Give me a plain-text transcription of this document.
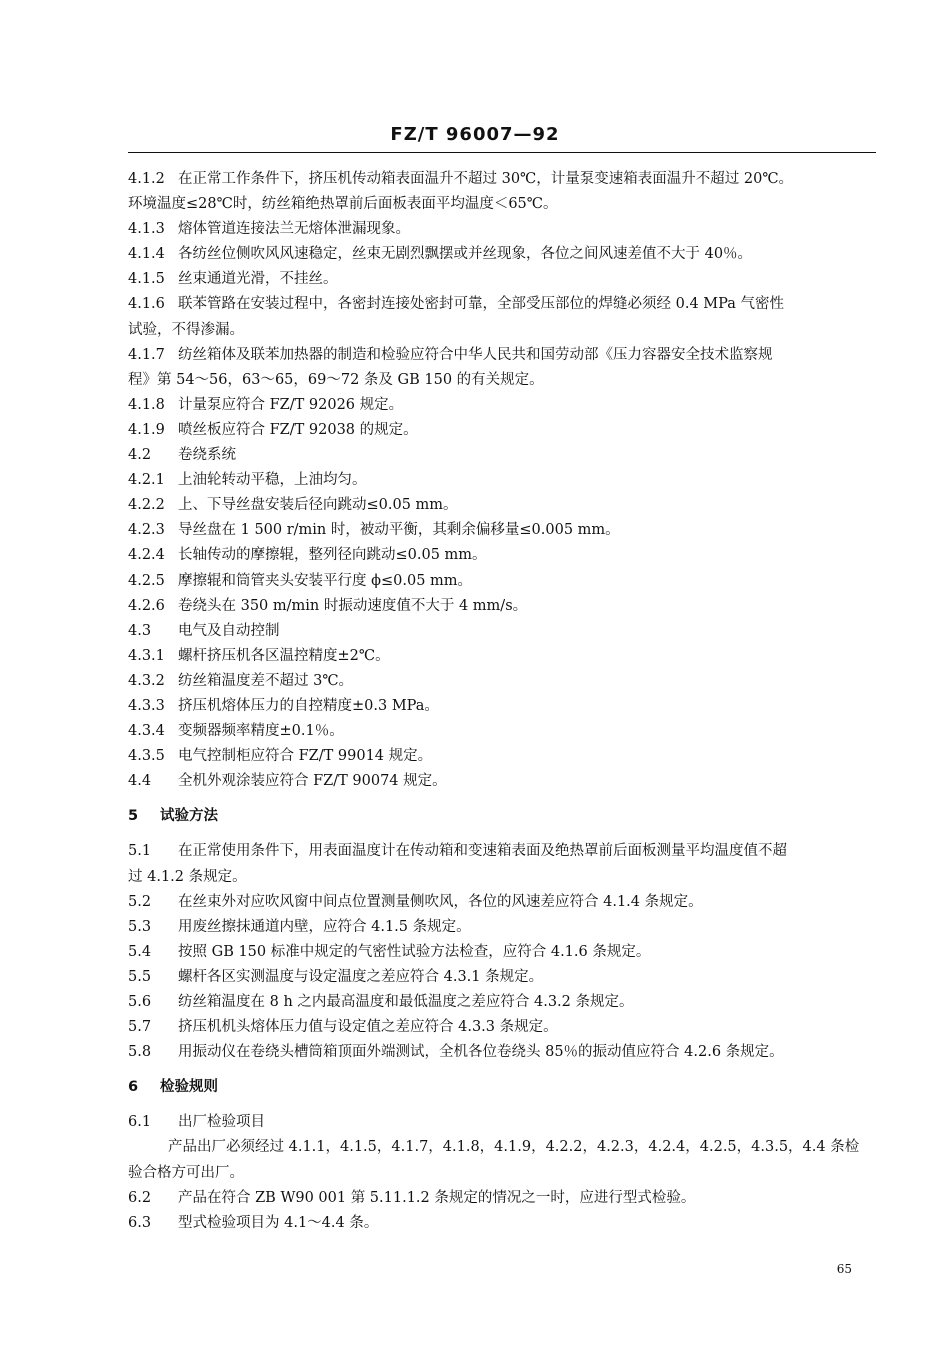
FZ/T 96007—92
4.1.2 在正常工作条件下，挤压机传动箱表面温升不超过 30℃，计量泵变速箱表面温升不超过 20℃。
环境温度≤28℃时，纺丝箱绝热罩前后面板表面平均温度＜65℃。
4.1.3 熔体管道连接法兰无熔体泄漏现象。
4.1.4 各纺丝位侧吹风风速稳定，丝束无剧烈飘摆或并丝现象，各位之间风速差值不大于 40％。
4.1.5 丝束通道光滑，不挂丝。
4.1.6 联苯管路在安装过程中，各密封连接处密封可靠，全部受压部位的焊缝必须经 0.4 MPa 气密性
试验，不得渗漏。
4.1.7 纺丝箱体及联苯加热器的制造和检验应符合中华人民共和国劳动部《压力容器安全技术监察规
程》第 54～56，63～65，69～72 条及 GB 150 的有关规定。
4.1.8 计量泵应符合 FZ/T 92026 规定。
4.1.9 喷丝板应符合 FZ/T 92038 的规定。
4.2 卷绕系统
4.2.1 上油轮转动平稳，上油均匀。
4.2.2 上、下导丝盘安装后径向跳动≤0.05 mm。
4.2.3 导丝盘在 1 500 r/min 时，被动平衡，其剩余偏移量≤0.005 mm。
4.2.4 长轴传动的摩擦辊，整列径向跳动≤0.05 mm。
4.2.5 摩擦辊和筒管夹头安装平行度 ϕ≤0.05 mm。
4.2.6 卷绕头在 350 m/min 时振动速度值不大于 4 mm/s。
4.3 电气及自动控制
4.3.1 螺杆挤压机各区温控精度±2℃。
4.3.2 纺丝箱温度差不超过 3℃。
4.3.3 挤压机熔体压力的自控精度±0.3 MPa。
4.3.4 变频器频率精度±0.1％。
4.3.5 电气控制柜应符合 FZ/T 99014 规定。
4.4 全机外观涂装应符合 FZ/T 90074 规定。
5 试验方法
5.1 在正常使用条件下，用表面温度计在传动箱和变速箱表面及绝热罩前后面板测量平均温度值不超
过 4.1.2 条规定。
5.2 在丝束外对应吹风窗中间点位置测量侧吹风，各位的风速差应符合 4.1.4 条规定。
5.3 用废丝擦抹通道内壁，应符合 4.1.5 条规定。
5.4 按照 GB 150 标准中规定的气密性试验方法检查，应符合 4.1.6 条规定。
5.5 螺杆各区实测温度与设定温度之差应符合 4.3.1 条规定。
5.6 纺丝箱温度在 8 h 之内最高温度和最低温度之差应符合 4.3.2 条规定。
5.7 挤压机机头熔体压力值与设定值之差应符合 4.3.3 条规定。
5.8 用振动仪在卷绕头槽筒箱顶面外端测试，全机各位卷绕头 85％的振动值应符合 4.2.6 条规定。
6 检验规则
6.1 出厂检验项目
产品出厂必须经过 4.1.1，4.1.5，4.1.7，4.1.8，4.1.9，4.2.2，4.2.3，4.2.4，4.2.5，4.3.5，4.4 条检
验合格方可出厂。
6.2 产品在符合 ZB W90 001 第 5.11.1.2 条规定的情况之一时，应进行型式检验。
6.3 型式检验项目为 4.1～4.4 条。
65
